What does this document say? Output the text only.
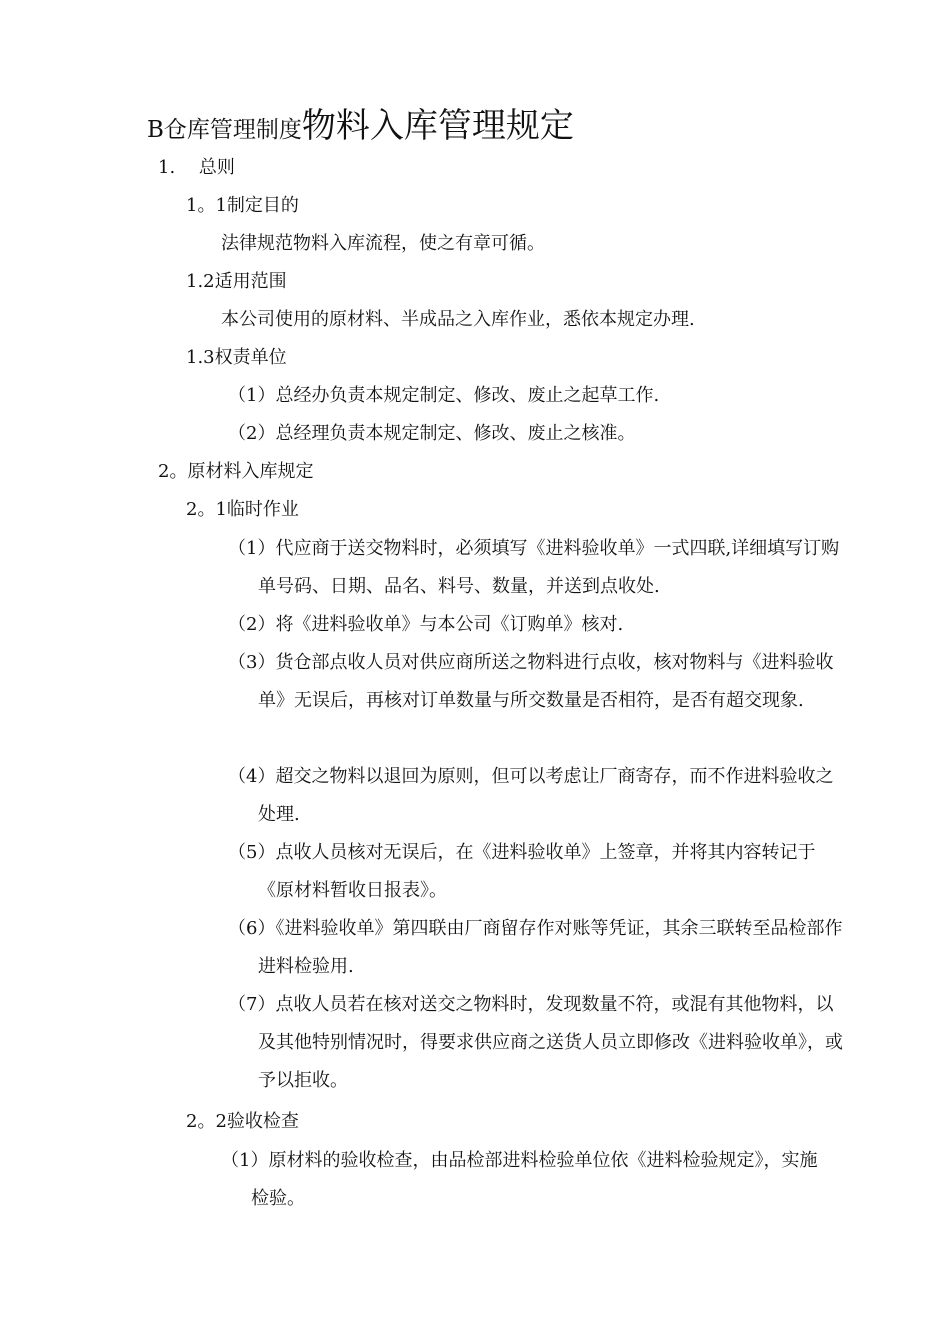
B仓库管理制度物料入库管理规定
1.　 总则
1。1制定目的
法律规范物料入库流程，使之有章可循。
1.2适用范围
本公司使用的原材料、半成品之入库作业，悉依本规定办理.
1.3权责单位
（1）总经办负责本规定制定、修改、废止之起草工作.
（2）总经理负责本规定制定、修改、废止之核准。
2。原材料入库规定
2。1临时作业
（1）代应商于送交物料时，必须填写《进料验收单》一式四联,详细填写订购单号码、日期、品名、料号、数量，并送到点收处.
（2）将《进料验收单》与本公司《订购单》核对.
（3）货仓部点收人员对供应商所送之物料进行点收，核对物料与《进料验收单》无误后，再核对订单数量与所交数量是否相符，是否有超交现象.
（4）超交之物料以退回为原则，但可以考虑让厂商寄存，而不作进料验收之处理.
（5）点收人员核对无误后，在《进料验收单》上签章，并将其内容转记于《原材料暂收日报表》。
（6）《进料验收单》第四联由厂商留存作对账等凭证，其余三联转至品检部作进料检验用.
（7）点收人员若在核对送交之物料时，发现数量不符，或混有其他物料，以及其他特别情况时，得要求供应商之送货人员立即修改《进料验收单》，或予以拒收。
2。2验收检查
（1）原材料的验收检查，由品检部进料检验单位依《进料检验规定》，实施检验。
